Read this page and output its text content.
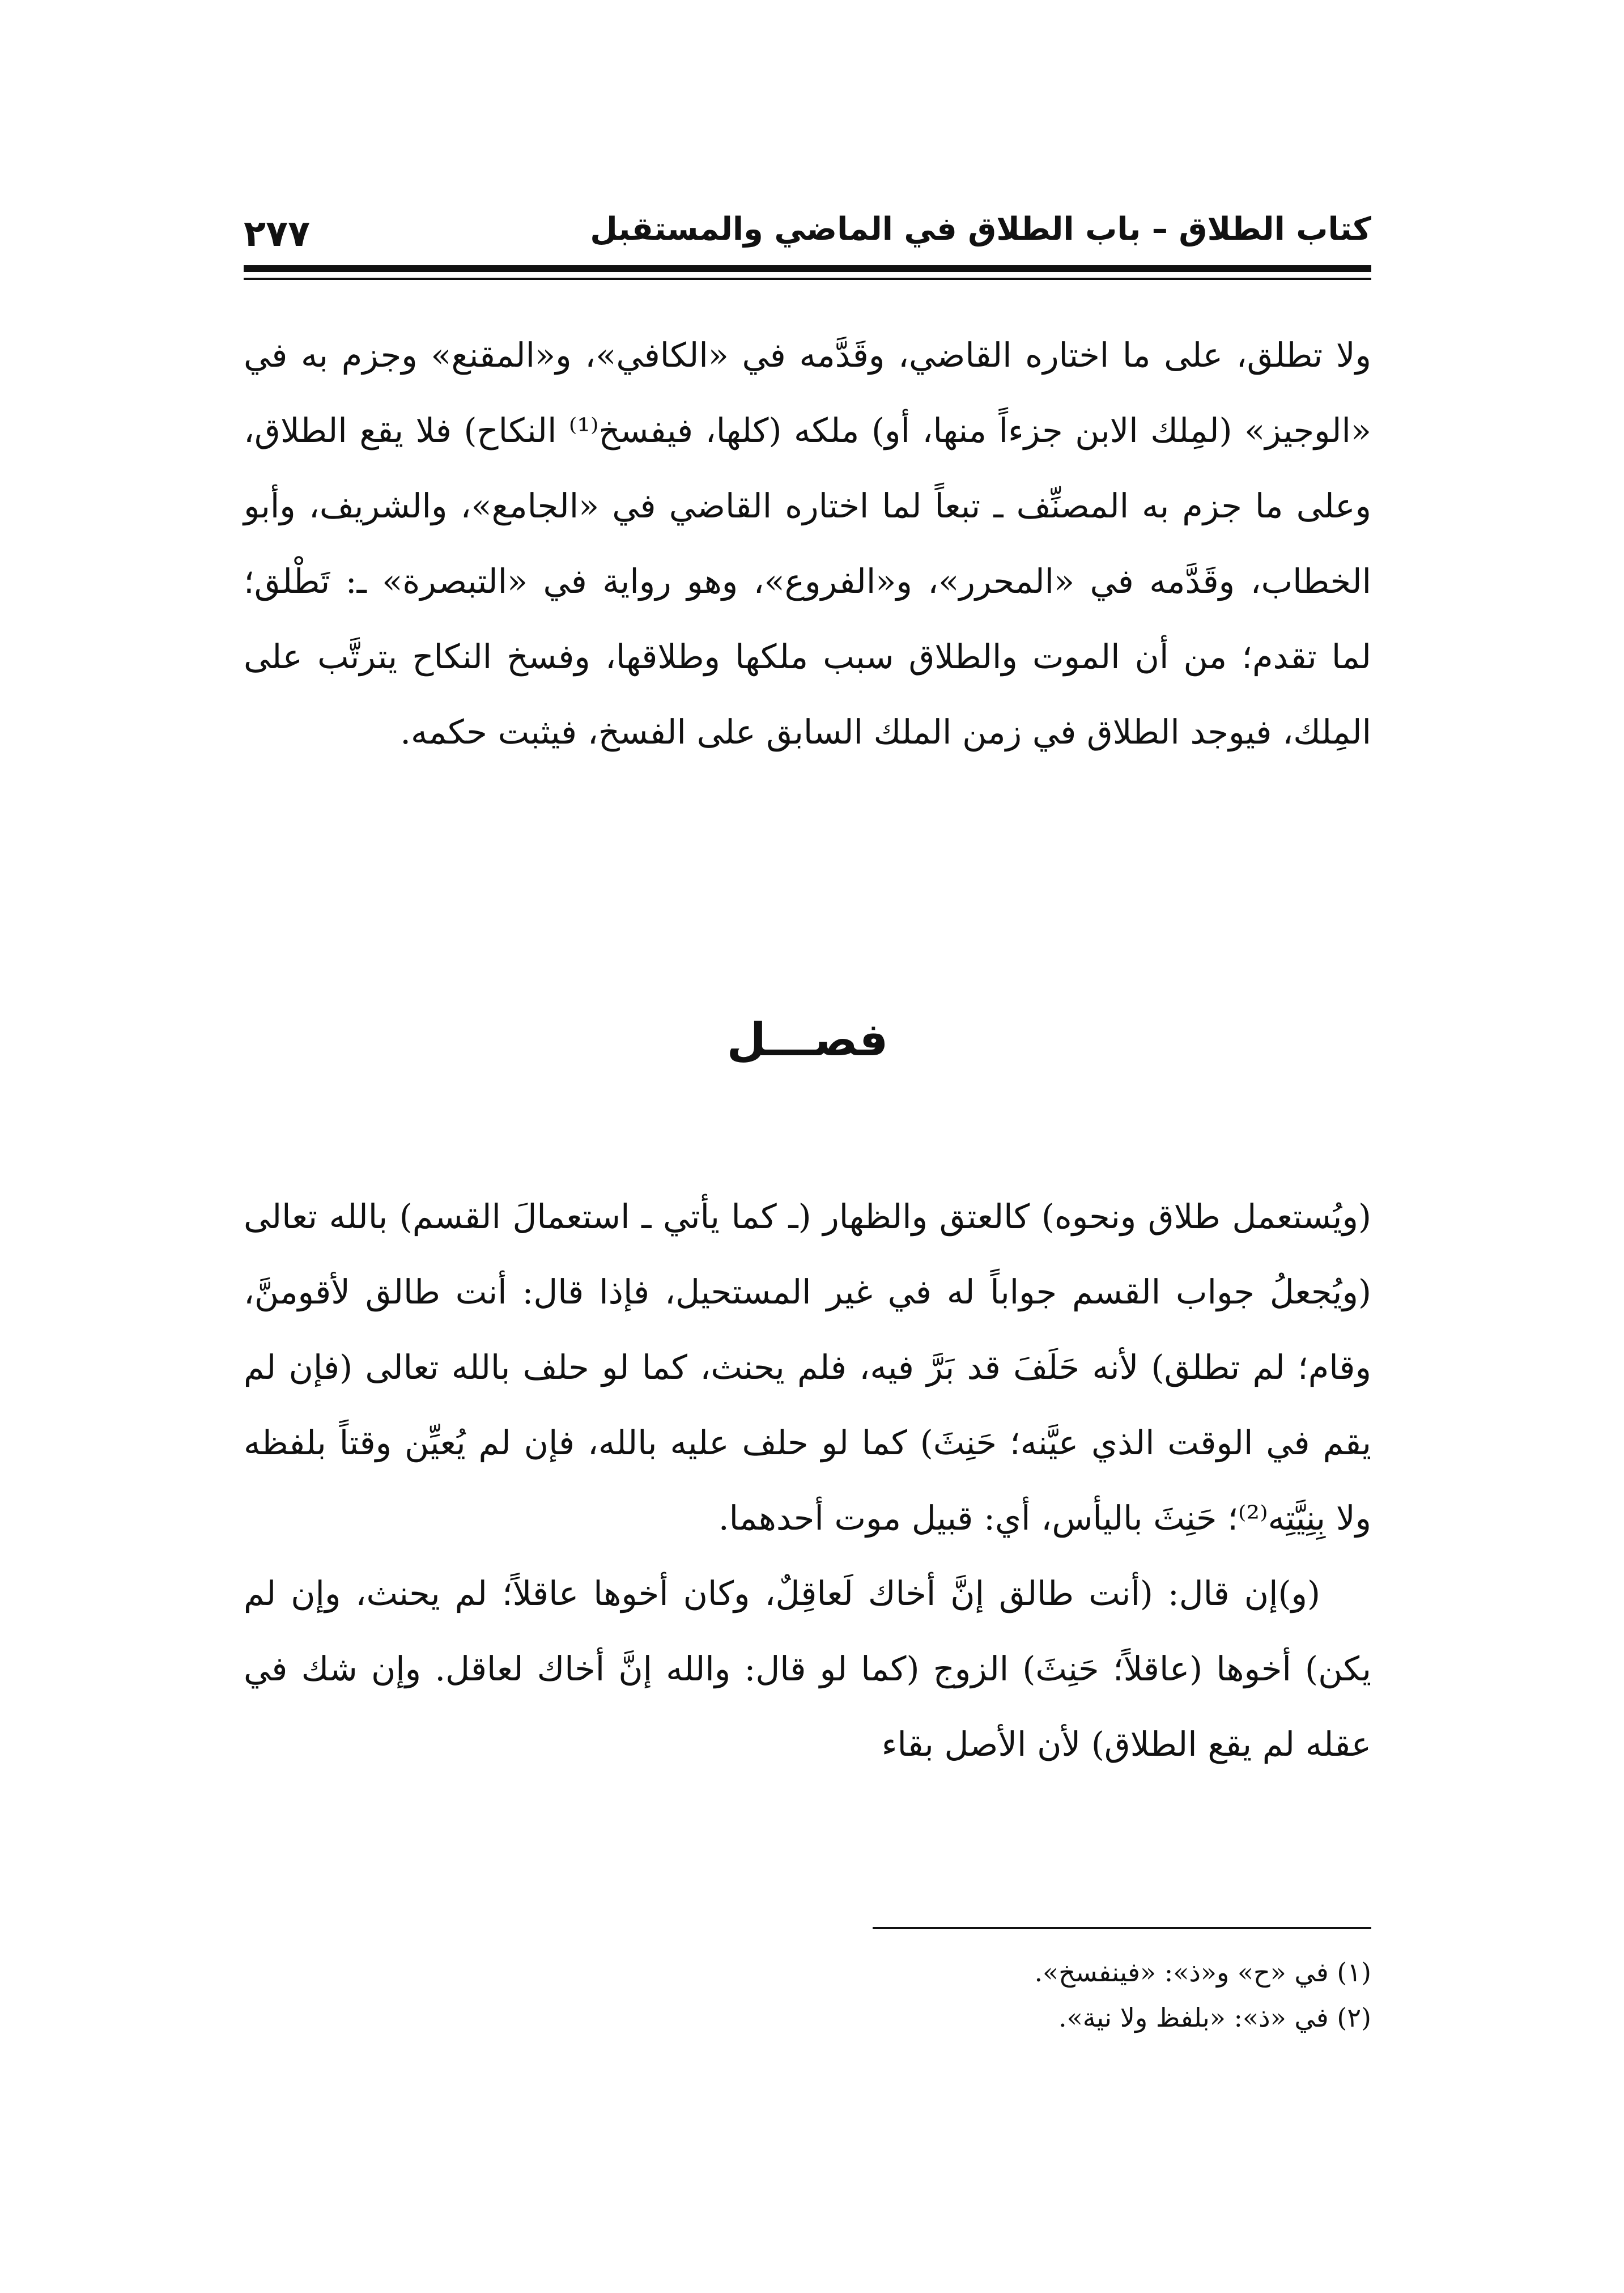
كتاب الطلاق – باب الطلاق في الماضي والمستقبل
٢٧٧

ولا تطلق، على ما اختاره القاضي، وقَدَّمه في «الكافي»، و«المقنع» وجزم به في «الوجيز» (لمِلك الابن جزءاً منها، أو) ملكه (كلها، فيفسخ⁽¹⁾ النكاح) فلا يقع الطلاق، وعلى ما جزم به المصنِّف ـ تبعاً لما اختاره القاضي في «الجامع»، والشريف، وأبو الخطاب، وقَدَّمه في «المحرر»، و«الفروع»، وهو رواية في «التبصرة» ـ: تَطْلق؛ لما تقدم؛ من أن الموت والطلاق سبب ملكها وطلاقها، وفسخ النكاح يترتَّب على المِلك، فيوجد الطلاق في زمن الملك السابق على الفسخ، فيثبت حكمه.

فصـــل

(ويُستعمل طلاق ونحوه) كالعتق والظهار (ـ كما يأتي ـ استعمالَ القسم) بالله تعالى (ويُجعلُ جواب القسم جواباً له في غير المستحيل، فإذا قال: أنت طالق لأقومنَّ، وقام؛ لم تطلق) لأنه حَلَفَ قد بَرَّ فيه، فلم يحنث، كما لو حلف بالله تعالى (فإن لم يقم في الوقت الذي عيَّنه؛ حَنِثَ) كما لو حلف عليه بالله، فإن لم يُعيِّن وقتاً بلفظه ولا بِنِيَّتِه⁽²⁾؛ حَنِثَ باليأس، أي: قبيل موت أحدهما.

(و)إن قال: (أنت طالق إنَّ أخاك لَعاقِلٌ، وكان أخوها عاقلاً؛ لم يحنث، وإن لم يكن) أخوها (عاقلاً؛ حَنِثَ) الزوج (كما لو قال: والله إنَّ أخاك لعاقل. وإن شك في عقله لم يقع الطلاق) لأن الأصل بقاء

(١) في «ح» و«ذ»: «فينفسخ».

(٢) في «ذ»: «بلفظ ولا نية».
